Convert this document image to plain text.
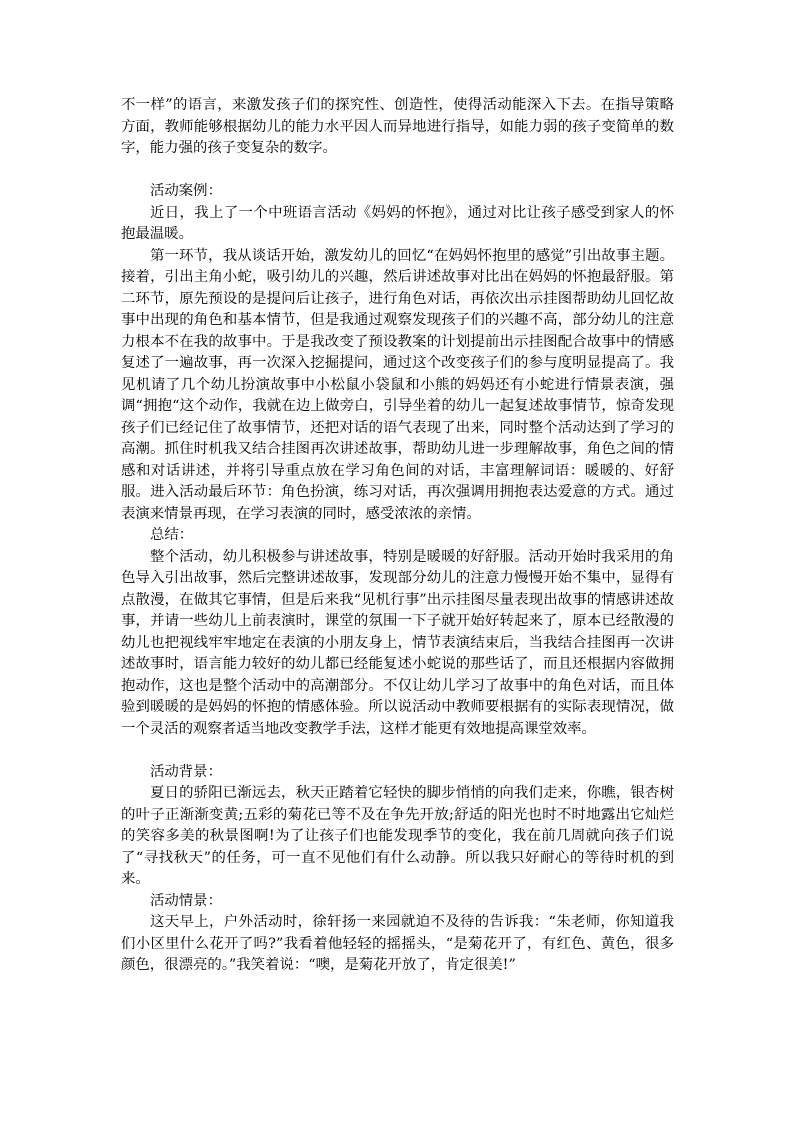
不一样”的语言，来激发孩子们的探究性、创造性，使得活动能深入下去。在指导策略方面，教师能够根据幼儿的能力水平因人而异地进行指导，如能力弱的孩子变简单的数字，能力强的孩子变复杂的数字。

活动案例：

近日，我上了一个中班语言活动《妈妈的怀抱》，通过对比让孩子感受到家人的怀抱最温暖。

第一环节，我从谈话开始，激发幼儿的回忆“在妈妈怀抱里的感觉”引出故事主题。接着，引出主角小蛇，吸引幼儿的兴趣，然后讲述故事对比出在妈妈的怀抱最舒服。第二环节，原先预设的是提问后让孩子，进行角色对话，再依次出示挂图帮助幼儿回忆故事中出现的角色和基本情节，但是我通过观察发现孩子们的兴趣不高，部分幼儿的注意力根本不在我的故事中。于是我改变了预设教案的计划提前出示挂图配合故事中的情感复述了一遍故事，再一次深入挖掘提问，通过这个改变孩子们的参与度明显提高了。我见机请了几个幼儿扮演故事中小松鼠小袋鼠和小熊的妈妈还有小蛇进行情景表演，强调“拥抱“这个动作，我就在边上做旁白，引导坐着的幼儿一起复述故事情节，惊奇发现孩子们已经记住了故事情节，还把对话的语气表现了出来，同时整个活动达到了学习的高潮。抓住时机我又结合挂图再次讲述故事，帮助幼儿进一步理解故事，角色之间的情感和对话讲述，并将引导重点放在学习角色间的对话，丰富理解词语：暖暖的、好舒服。进入活动最后环节：角色扮演，练习对话，再次强调用拥抱表达爱意的方式。通过表演来情景再现，在学习表演的同时，感受浓浓的亲情。

总结：

整个活动，幼儿积极参与讲述故事，特别是暖暖的好舒服。活动开始时我采用的角色导入引出故事，然后完整讲述故事，发现部分幼儿的注意力慢慢开始不集中，显得有点散漫，在做其它事情，但是后来我“见机行事”出示挂图尽量表现出故事的情感讲述故事，并请一些幼儿上前表演时，课堂的氛围一下子就开始好转起来了，原本已经散漫的幼儿也把视线牢牢地定在表演的小朋友身上，情节表演结束后，当我结合挂图再一次讲述故事时，语言能力较好的幼儿都已经能复述小蛇说的那些话了，而且还根据内容做拥抱动作，这也是整个活动中的高潮部分。不仅让幼儿学习了故事中的角色对话，而且体验到暖暖的是妈妈的怀抱的情感体验。所以说活动中教师要根据有的实际表现情况，做一个灵活的观察者适当地改变教学手法，这样才能更有效地提高课堂效率。

活动背景：

夏日的骄阳已渐远去，秋天正踏着它轻快的脚步悄悄的向我们走来，你瞧，银杏树的叶子正渐渐变黄;五彩的菊花已等不及在争先开放;舒适的阳光也时不时地露出它灿烂的笑容多美的秋景图啊!为了让孩子们也能发现季节的变化，我在前几周就向孩子们说了“寻找秋天”的任务，可一直不见他们有什么动静。所以我只好耐心的等待时机的到来。

活动情景：

这天早上，户外活动时，徐轩扬一来园就迫不及待的告诉我：“朱老师，你知道我们小区里什么花开了吗?”我看着他轻轻的摇摇头，“是菊花开了，有红色、黄色，很多颜色，很漂亮的。”我笑着说：“噢，是菊花开放了，肯定很美!”
